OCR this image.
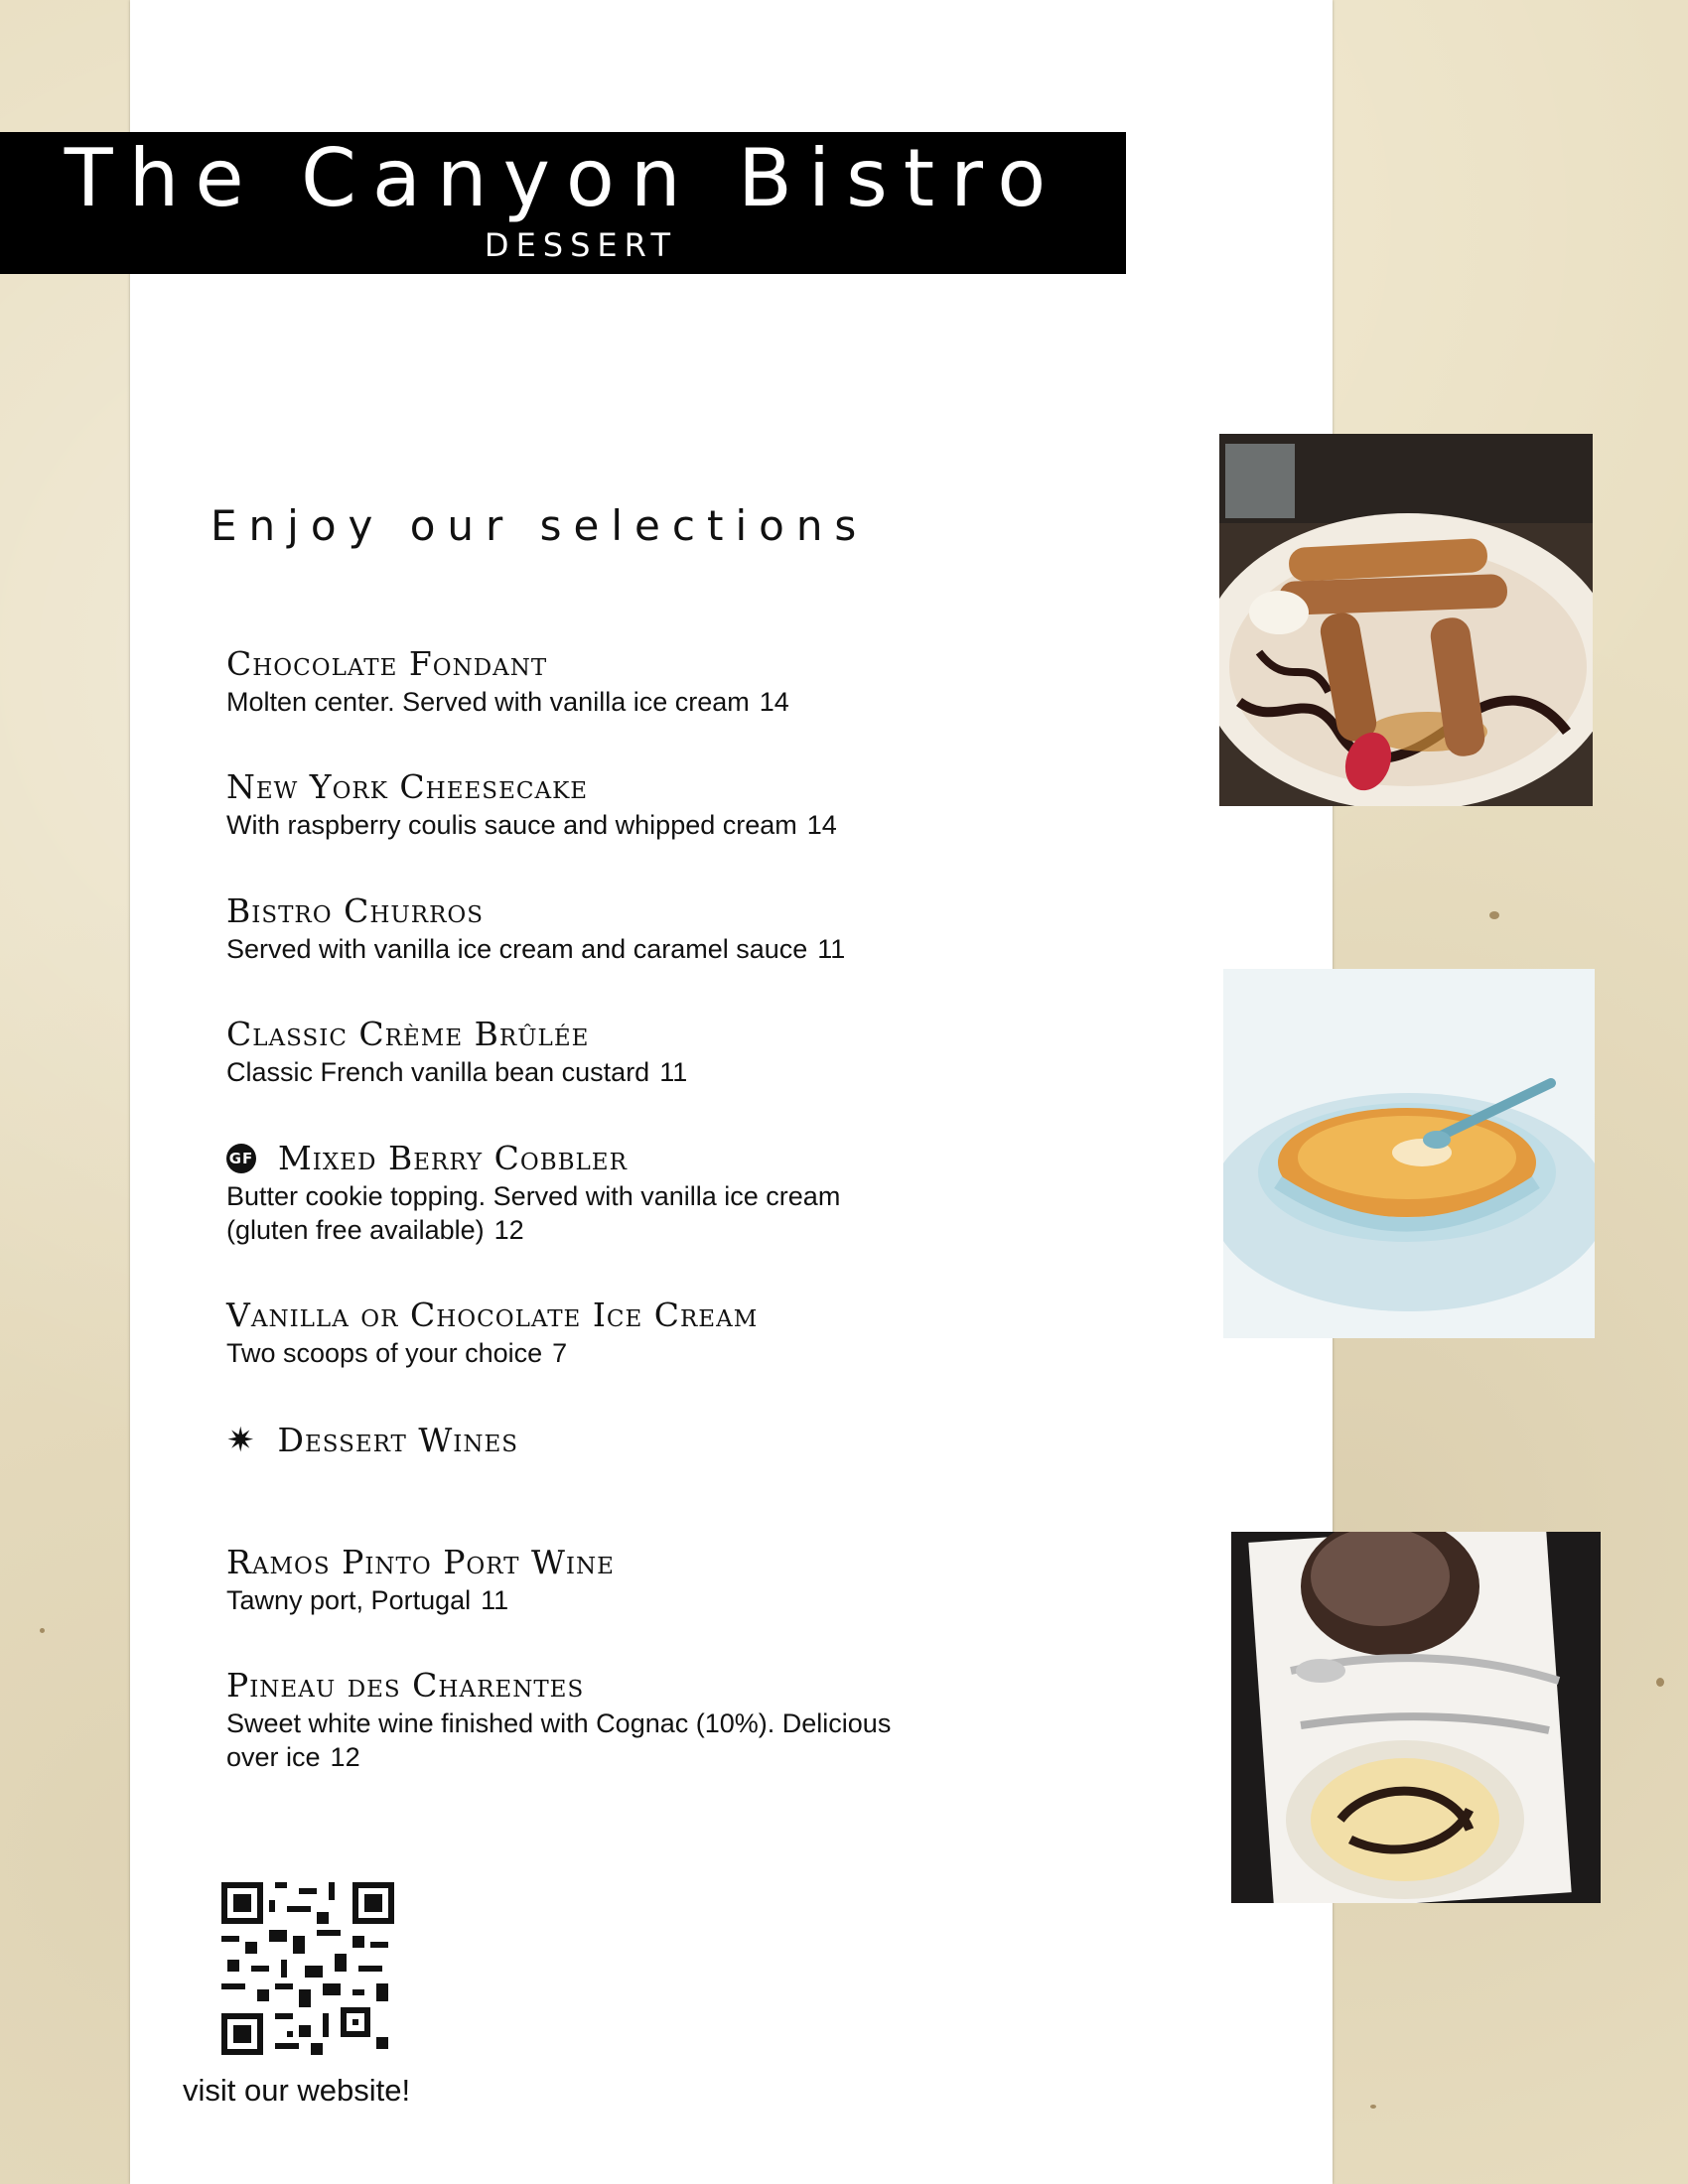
The Canyon Bistro
DESSERT
Enjoy our selections
Chocolate Fondant
Molten center. Served with vanilla ice cream 14
New York Cheesecake
With raspberry coulis sauce and whipped cream 14
Bistro Churros
Served with vanilla ice cream and caramel sauce 11
Classic Crème Brûlée
Classic French vanilla bean custard 11
GF Mixed Berry Cobbler
Butter cookie topping. Served with vanilla ice cream
(gluten free available) 12
Vanilla or Chocolate Ice Cream
Two scoops of your choice 7
✷ Dessert Wines
Ramos Pinto Port Wine
Tawny port, Portugal 11
Pineau des Charentes
Sweet white wine finished with Cognac (10%). Delicious
over ice 12
visit our website!
